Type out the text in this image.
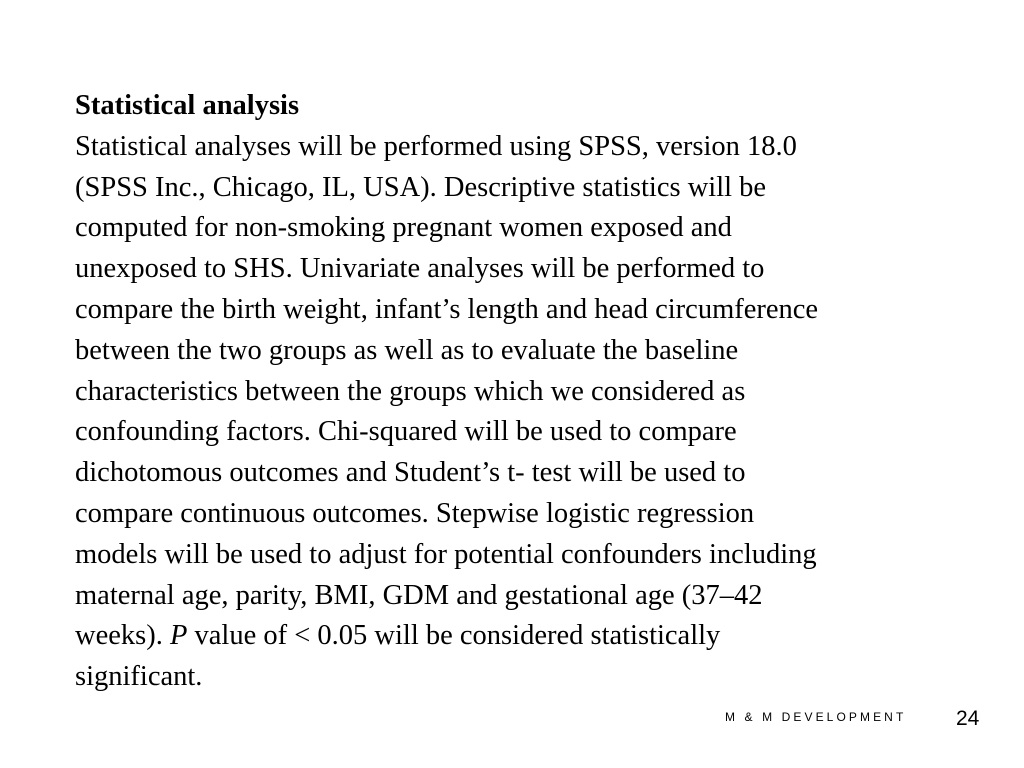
Statistical analysis
Statistical analyses will be performed using SPSS, version 18.0
(SPSS Inc., Chicago, IL, USA). Descriptive statistics will be
computed for non-smoking pregnant women exposed and
unexposed to SHS. Univariate analyses will be performed to
compare the birth weight, infant’s length and head circumference
between the two groups as well as to evaluate the baseline
characteristics between the groups which we considered as
confounding factors. Chi-squared will be used to compare
dichotomous outcomes and Student’s t- test will be used to
compare continuous outcomes. Stepwise logistic regression
models will be used to adjust for potential confounders including
maternal age, parity, BMI, GDM and gestational age (37–42
weeks). P value of < 0.05 will be considered statistically
significant.
M & M DEVELOPMENT 24
